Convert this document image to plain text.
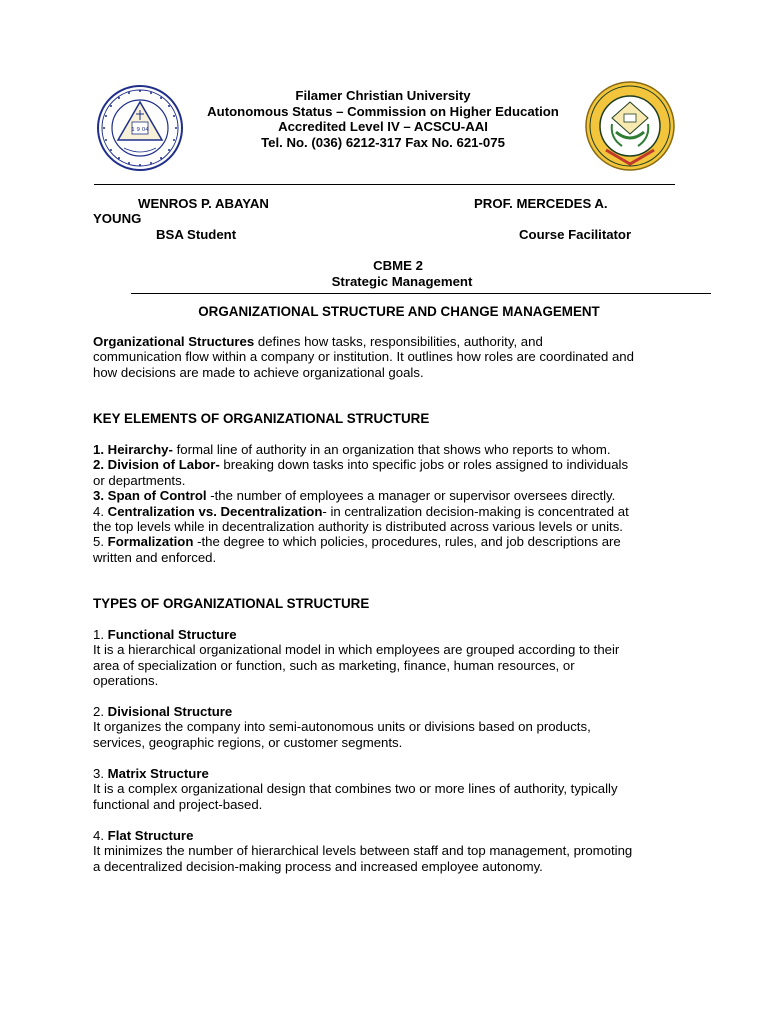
1 9 04
Filamer Christian University
Autonomous Status – Commission on Higher Education
Accredited Level IV – ACSCU-AAI
Tel. No. (036) 6212-317 Fax No. 621-075
WENROS P. ABAYAN	PROF. MERCEDES A.
YOUNG
BSA Student	Course Facilitator
CBME 2
Strategic Management
ORGANIZATIONAL STRUCTURE AND CHANGE MANAGEMENT
Organizational Structures defines how tasks, responsibilities, authority, and
communication flow within a company or institution. It outlines how roles are coordinated and
how decisions are made to achieve organizational goals.
KEY ELEMENTS OF ORGANIZATIONAL STRUCTURE
1. Heirarchy- formal line of authority in an organization that shows who reports to whom.
2. Division of Labor- breaking down tasks into specific jobs or roles assigned to individuals
or departments.
3. Span of Control -the number of employees a manager or supervisor oversees directly.
4. Centralization vs. Decentralization- in centralization decision-making is concentrated at
the top levels while in decentralization authority is distributed across various levels or units.
5. Formalization -the degree to which policies, procedures, rules, and job descriptions are
written and enforced.
TYPES OF ORGANIZATIONAL STRUCTURE
1. Functional Structure
It is a hierarchical organizational model in which employees are grouped according to their
area of specialization or function, such as marketing, finance, human resources, or
operations.
2. Divisional Structure
It organizes the company into semi-autonomous units or divisions based on products,
services, geographic regions, or customer segments.
3. Matrix Structure
It is a complex organizational design that combines two or more lines of authority, typically
functional and project-based.
4. Flat Structure
It minimizes the number of hierarchical levels between staff and top management, promoting
a decentralized decision-making process and increased employee autonomy.
